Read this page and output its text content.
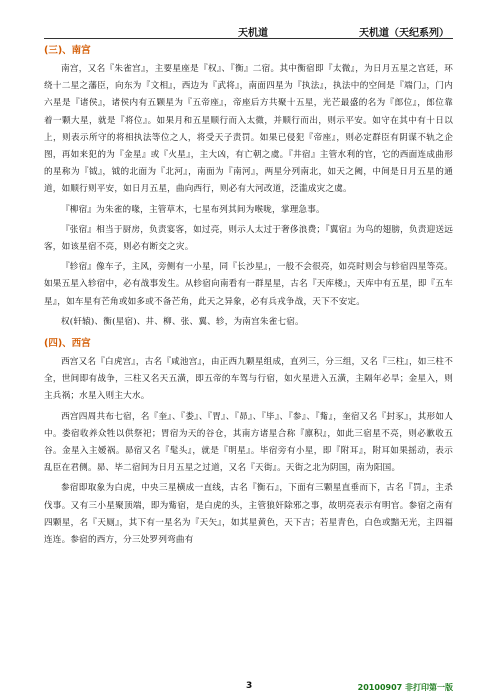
天机道	天机道（天纪系列）
(三)、南宫

南宫，又名『朱雀宫』，主要星座是『权』、『衡』二宿。其中衡宿即『太微』，为日月五星之宫廷，环绕十二星之藩臣，向东为『文相』，西边为『武将』，南面四星为『执法』，执法中的空间是『端门』，门内六星是『诸侯』，诸侯内有五颗星为『五帝座』，帝座后方共聚十五星，光芒最盛的名为『郎位』，郎位靠着一颗大星，就是『将位』。如果月和五星顺行而入太微，并顺行而出，则示平安。如守在其中有十日以上，则表示所守的将相执法等位之人，将受天子责罚。如果已侵犯『帝座』，则必定群臣有阴谋不轨之企图，再如来犯的为『金星』或『火星』，主大凶，有亡朝之虞。『井宿』主管水利的官，它的西面连成曲形的星称为『钺』，钺的北面为『北河』，南面为『南河』，两星分列南北，如天之阙，中间是日月五星的通道，如顺行则平安，如日月五星，曲向西行，则必有大河改道，泛滥成灾之虞。

『柳宿』为朱雀的喙，主管草木，七星布列其间为喉咙，掌理急事。

『张宿』相当于厨房，负责宴客，如过亮，则示人太过于奢侈浪费；『翼宿』为鸟的翅膀，负责迎送远客，如该星宿不亮，则必有断交之灾。

『轸宿』像车子，主风，旁侧有一小星，同『长沙星』，一般不会很亮，如亮时则会与轸宿四星等亮。如果五星入轸宿中，必有战事发生。从轸宿向南看有一群星星，古名『天库楼』，天库中有五星，即『五车星』，如车星有芒角或如多或不备芒角，此天之异象，必有兵戎争战，天下不安定。

权(轩辕)、衡(星宿)、井、柳、张、翼、轸，为南宫朱雀七宿。

(四)、西宫

西宫又名『白虎宫』，古名『咸池宫』，由正西九颗星组成，直列三，分三组，又名『三柱』，如三柱不全，世间即有战争，三柱又名天五潢，即五帝的车驾与行宿，如火星进入五潢，主隔年必旱；金星入，则主兵祸；水星入则主大水。

西宫四周共布七宿，名『奎』、『娄』、『胃』、『昴』、『毕』、『参』、『觜』，奎宿又名『封豕』，其形如人中。娄宿收养众牲以供祭祀；胃宿为天的谷仓，其南方诸星合称『廪积』，如此三宿星不亮，则必歉收五谷。金星入主嫒祸。昴宿又名『髦头』，就是『明星』。毕宿旁有小星，即『附耳』，附耳如果摇动，表示乱臣在君侧。昴、毕二宿间为日月五星之过道，又名『天街』。天街之北为阴国，南为阳国。

参宿即取象为白虎，中央三星横成一直线，古名『衡石』，下面有三颗星直垂而下，古名『罚』，主杀伐事。又有三小星聚顶端，即为觜宿，是白虎的头，主管狼奸除邪之事，故明亮表示有明官。参宿之南有四颗星，名『天厕』，其下有一星名为『天矢』，如其星黄色，天下吉；若星青色，白色或黯无光，主四福连连。参宿的西方，分三处罗列弯曲有

3	20100907 非打印第一版
